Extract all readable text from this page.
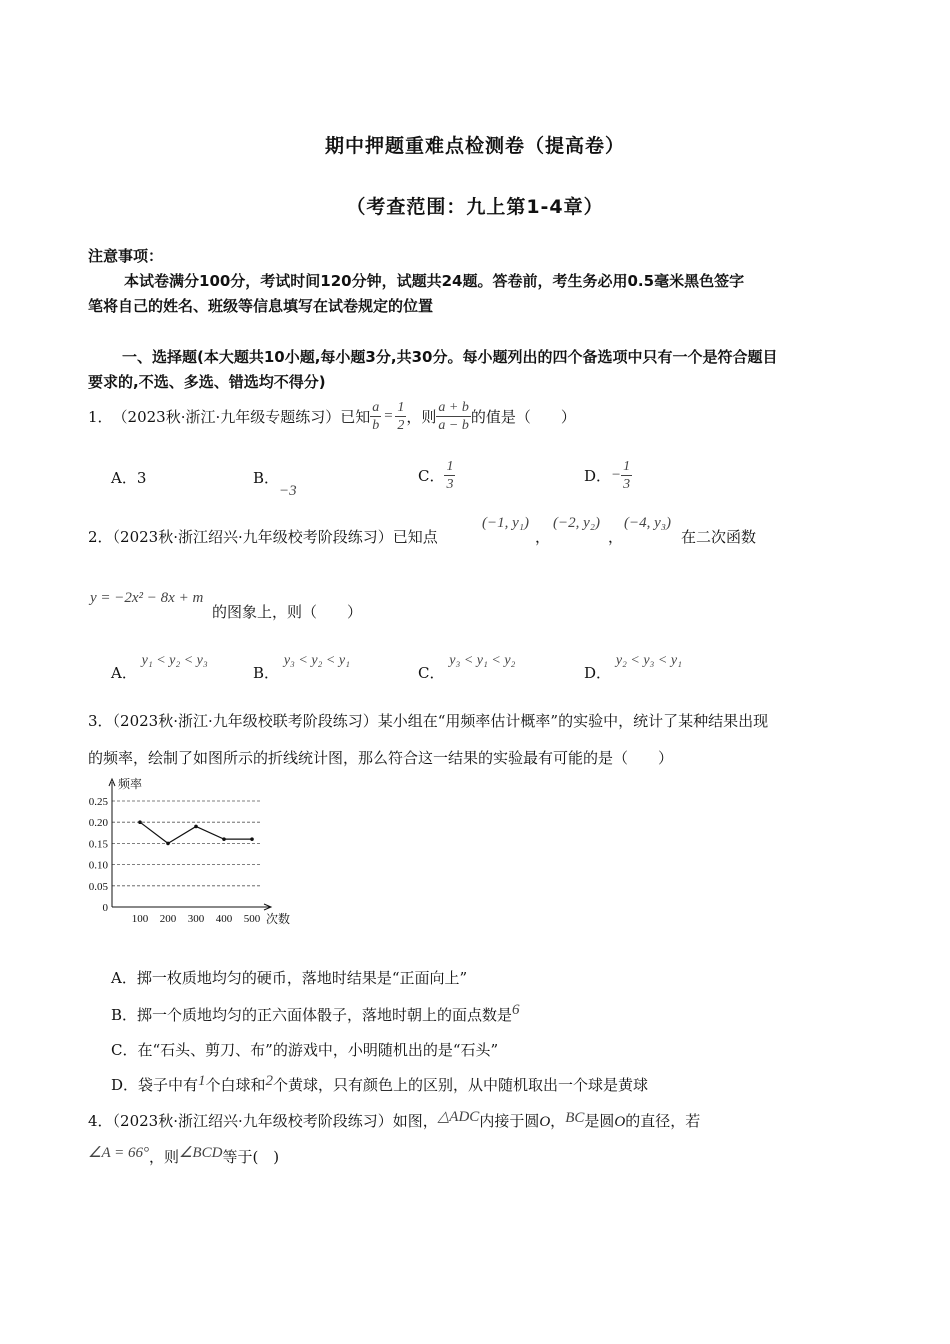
期中押题重难点检测卷（提高卷）
（考查范围：九上第1-4章）
注意事项：
本试卷满分100分，考试时间120分钟，试题共24题。答卷前，考生务必用0.5毫米黑色签字
笔将自己的姓名、班级等信息填写在试卷规定的位置
一、选择题(本大题共10小题,每小题3分,共30分。每小题列出的四个备选项中只有一个是符合题目
要求的,不选、多选、错选均不得分)
1． （2023秋·浙江·九年级专题练习）已知 $\frac{a}{b} = \frac{1}{2}$ ，则 $\frac{a + b}{a - b}$ 的值是（　　）
A．3	B．−3
C． $\frac{1}{3}$	D． − $\frac{1}{3}$
2．（2023秋·浙江绍兴·九年级校考阶段练习）已知点
(−1, y₁)
，
(−2, y₂)
，
(−4, y₃)
在二次函数
y = −2x² − 8x + m
的图象上，则（　　）
A． y₁ < y₂ < y₃
B． y₃ < y₂ < y₁
C． y₃ < y₁ < y₂
D． y₂ < y₃ < y₁
3．（2023秋·浙江·九年级校联考阶段练习）某小组在“用频率估计概率”的实验中，统计了某种结果出现
的频率，绘制了如图所示的折线统计图，那么符合这一结果的实验最有可能的是（　　）
频率
次数
0
0.05
0.10
0.15
0.20
0.25
100 200 300 400 500
A．掷一枚质地均匀的硬币，落地时结果是“正面向上”
B．掷一个质地均匀的正六面体骰子，落地时朝上的面点数是6
C．在“石头、剪刀、布”的游戏中，小明随机出的是“石头”
D．袋子中有1个白球和2个黄球，只有颜色上的区别，从中随机取出一个球是黄球
4．（2023秋·浙江绍兴·九年级校考阶段练习）如图，△ADC内接于圆O，BC是圆O的直径，若
∠A = 66°，则∠BCD等于(　)
